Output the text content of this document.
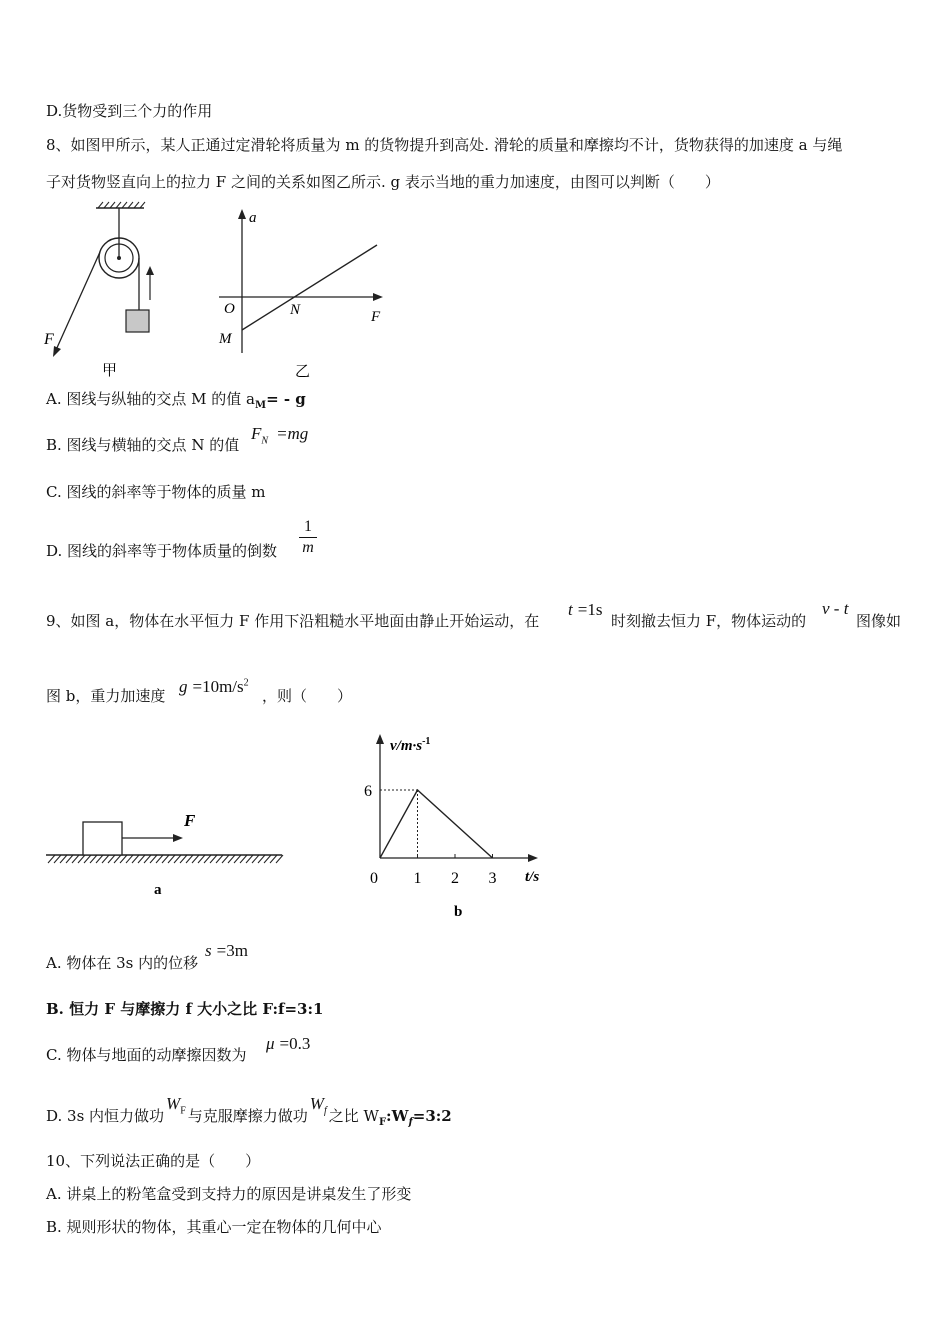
D.货物受到三个力的作用
8、如图甲所示，某人正通过定滑轮将质量为 m 的货物提升到高处. 滑轮的质量和摩擦均不计，货物获得的加速度 a 与绳
子对货物竖直向上的拉力 F 之间的关系如图乙所示. g 表示当地的重力加速度，由图可以判断（　　）
F
甲
a
O	N	F
M
乙
A. 图线与纵轴的交点 M 的值 $a_M= - g$
B. 图线与横轴的交点 N 的值
$F_N =mg$
C. 图线的斜率等于物体的质量 m
D. 图线的斜率等于物体质量的倒数
1
m
9、如图 a，物体在水平恒力 F 作用下沿粗糙水平地面由静止开始运动，在
t =1s
时刻撤去恒力 F，物体运动的
v - t
图像如
图 b，重力加速度 $g =10m/s^2$
，则（　　）
F
a
$v/m\cdot s^{-1}$
t/s
b
0 1 2 3
6
A. 物体在 3s 内的位移
s =3m
B. 恒力 F 与摩擦力 f 大小之比 F:f=3:1
C. 物体与地面的动摩擦因数为
μ =0.3
D. 3s 内恒力做功$W_F$ 与克服摩擦力做功$W_f$ 之比 $W_F:W_f=3:2$
10、下列说法正确的是（　　）
A. 讲桌上的粉笔盒受到支持力的原因是讲桌发生了形变
B. 规则形状的物体，其重心一定在物体的几何中心
